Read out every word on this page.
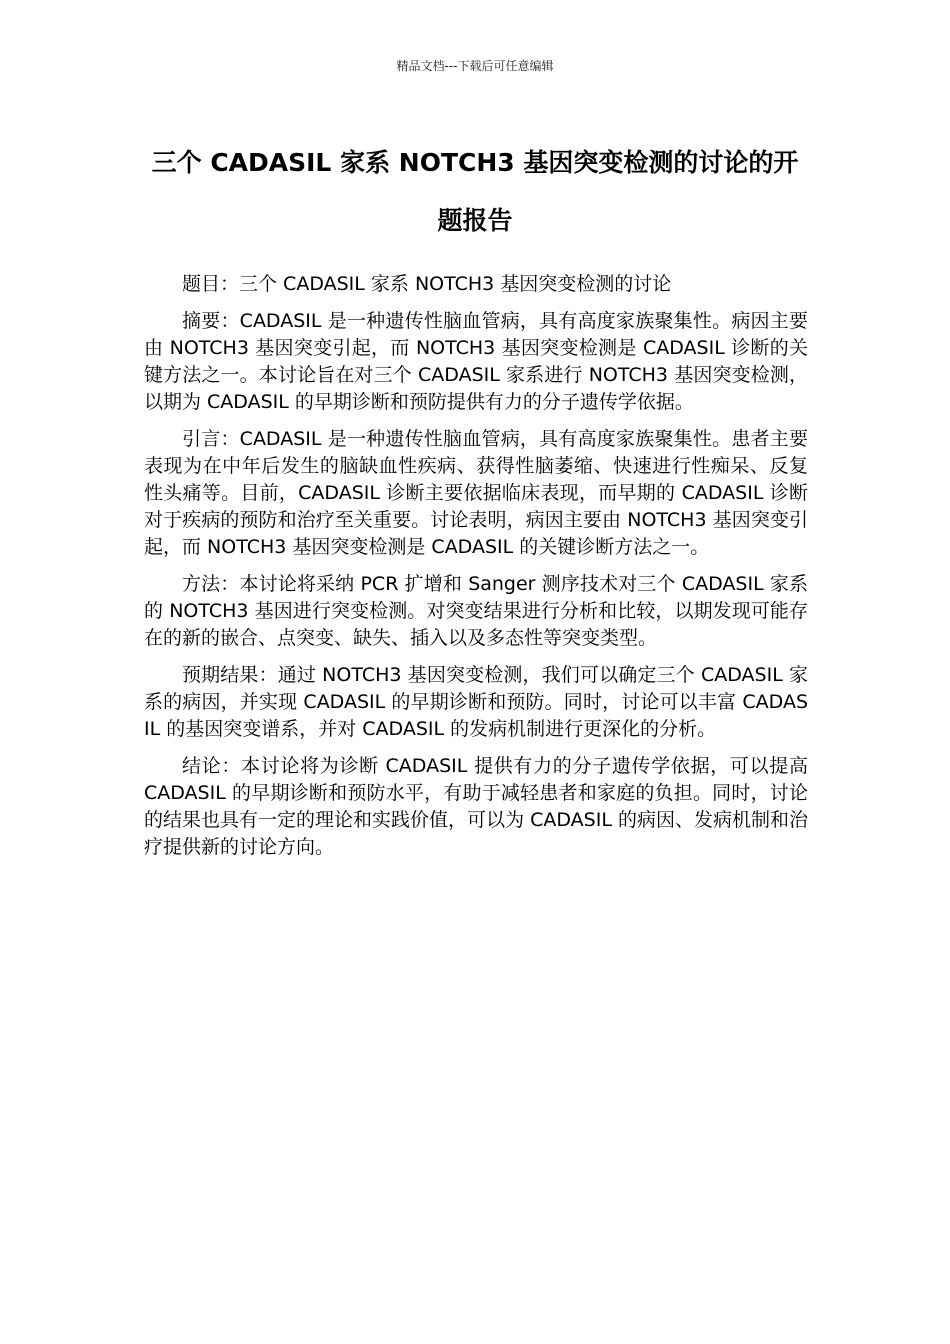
精品文档---下载后可任意编辑
三个 CADASIL 家系 NOTCH3 基因突变检测的讨论的开题报告

题目：三个 CADASIL 家系 NOTCH3 基因突变检测的讨论

摘要：CADASIL 是一种遗传性脑血管病，具有高度家族聚集性。病因主要由 NOTCH3 基因突变引起，而 NOTCH3 基因突变检测是 CADASIL 诊断的关键方法之一。本讨论旨在对三个 CADASIL 家系进行 NOTCH3 基因突变检测，以期为 CADASIL 的早期诊断和预防提供有力的分子遗传学依据。

引言：CADASIL 是一种遗传性脑血管病，具有高度家族聚集性。患者主要表现为在中年后发生的脑缺血性疾病、获得性脑萎缩、快速进行性痴呆、反复性头痛等。目前，CADASIL 诊断主要依据临床表现，而早期的 CADASIL 诊断对于疾病的预防和治疗至关重要。讨论表明，病因主要由 NOTCH3 基因突变引起，而 NOTCH3 基因突变检测是 CADASIL 的关键诊断方法之一。

方法：本讨论将采纳 PCR 扩增和 Sanger 测序技术对三个 CADASIL 家系的 NOTCH3 基因进行突变检测。对突变结果进行分析和比较，以期发现可能存在的新的嵌合、点突变、缺失、插入以及多态性等突变类型。

预期结果：通过 NOTCH3 基因突变检测，我们可以确定三个 CADASIL 家系的病因，并实现 CADASIL 的早期诊断和预防。同时，讨论可以丰富 CADASIL 的基因突变谱系，并对 CADASIL 的发病机制进行更深化的分析。

结论：本讨论将为诊断 CADASIL 提供有力的分子遗传学依据，可以提高 CADASIL 的早期诊断和预防水平，有助于减轻患者和家庭的负担。同时，讨论的结果也具有一定的理论和实践价值，可以为 CADASIL 的病因、发病机制和治疗提供新的讨论方向。
